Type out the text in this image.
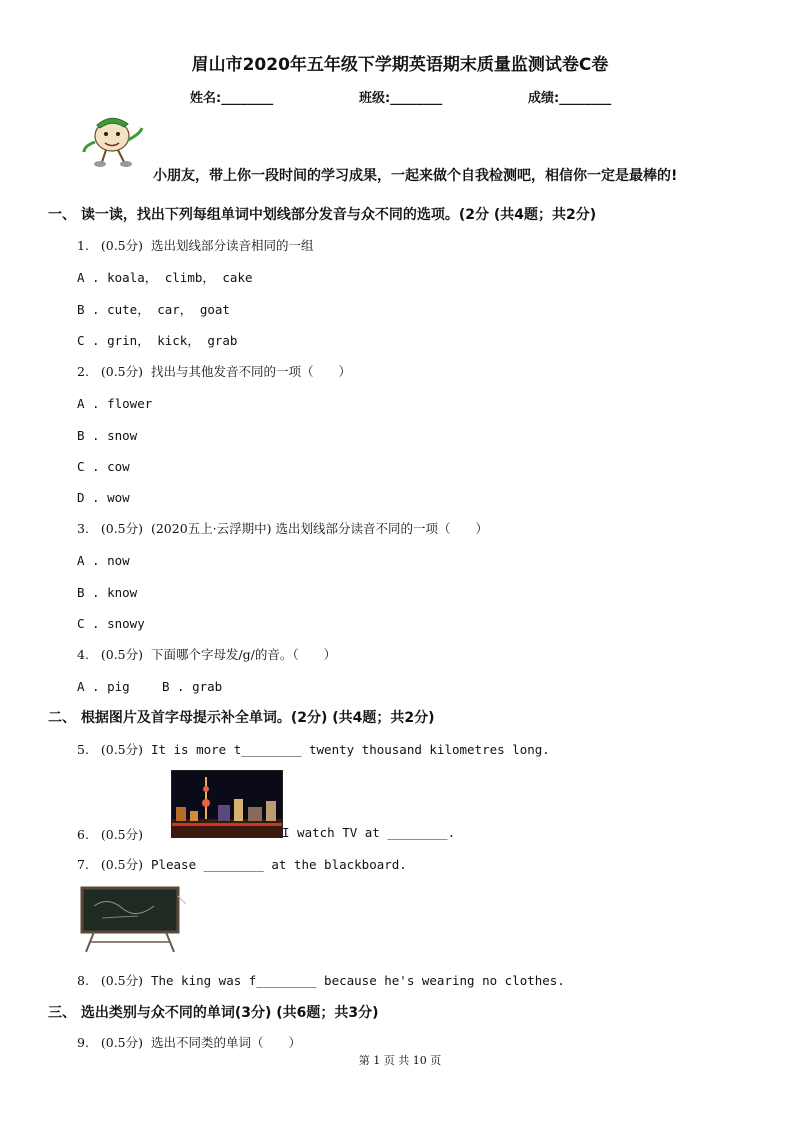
眉山市2020年五年级下学期英语期末质量监测试卷C卷
姓名:________	班级:________	成绩:________
小朋友，带上你一段时间的学习成果，一起来做个自我检测吧，相信你一定是最棒的!
一、 读一读，找出下列每组单词中划线部分发音与众不同的选项。(2分 (共4题；共2分)
1. (0.5分) 选出划线部分读音相同的一组
A . koala， climb， cake
B . cute， car， goat
C . grin， kick， grab
2. (0.5分) 找出与其他发音不同的一项（　　）
A . flower
B . snow
C . cow
D . wow
3. (0.5分) (2020五上·云浮期中) 选出划线部分读音不同的一项（　　）
A . now
B . know
C . snowy
4. (0.5分) 下面哪个字母发/g/的音。（　　）
A . pig	B . grab
二、 根据图片及首字母提示补全单词。(2分) (共4题；共2分)
5. (0.5分) It is more t________ twenty thousand kilometres long.
6. (0.5分)	I watch TV at ________.
7. (0.5分) Please ________ at the blackboard.
8. (0.5分) The king was f________ because he's wearing no clothes.
三、 选出类别与众不同的单词(3分) (共6题；共3分)
9. (0.5分) 选出不同类的单词（　　）
第 1 页 共 10 页
